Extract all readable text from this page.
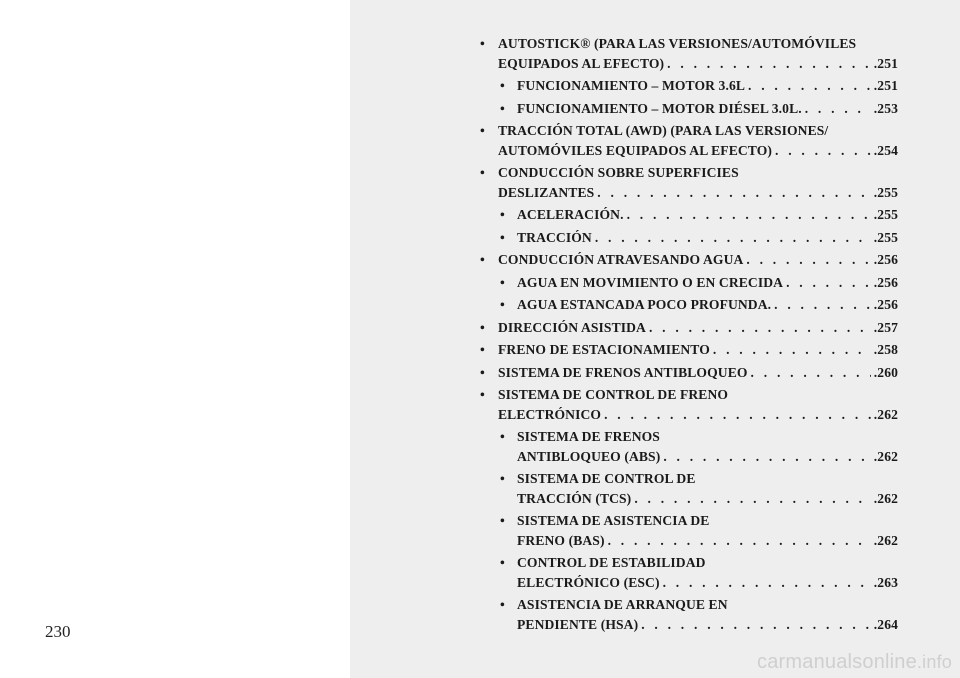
230
• AUTOSTICK® (PARA LAS VERSIONES/AUTOMÓVILES
EQUIPADOS AL EFECTO) . . .	.251
• FUNCIONAMIENTO – MOTOR 3.6L . . .	.251
• FUNCIONAMIENTO – MOTOR DIÉSEL 3.0L. . . .	.253
• TRACCIÓN TOTAL (AWD) (PARA LAS VERSIONES/
AUTOMÓVILES EQUIPADOS AL EFECTO) . . .	.254
• CONDUCCIÓN SOBRE SUPERFICIES
DESLIZANTES . . .	.255
• ACELERACIÓN. . . .	.255
• TRACCIÓN . . .	.255
• CONDUCCIÓN ATRAVESANDO AGUA . . .	.256
• AGUA EN MOVIMIENTO O EN CRECIDA . . .	.256
• AGUA ESTANCADA POCO PROFUNDA. . . .	.256
• DIRECCIÓN ASISTIDA . . .	.257
• FRENO DE ESTACIONAMIENTO . . .	.258
• SISTEMA DE FRENOS ANTIBLOQUEO . . .	.260
• SISTEMA DE CONTROL DE FRENO
ELECTRÓNICO . . .	.262
• SISTEMA DE FRENOS
ANTIBLOQUEO (ABS) . . .	.262
• SISTEMA DE CONTROL DE
TRACCIÓN (TCS) . . .	.262
• SISTEMA DE ASISTENCIA DE
FRENO (BAS) . . .	.262
• CONTROL DE ESTABILIDAD
ELECTRÓNICO (ESC) . . .	.263
• ASISTENCIA DE ARRANQUE EN
PENDIENTE (HSA) . . .	.264
carmanualsonline.info
